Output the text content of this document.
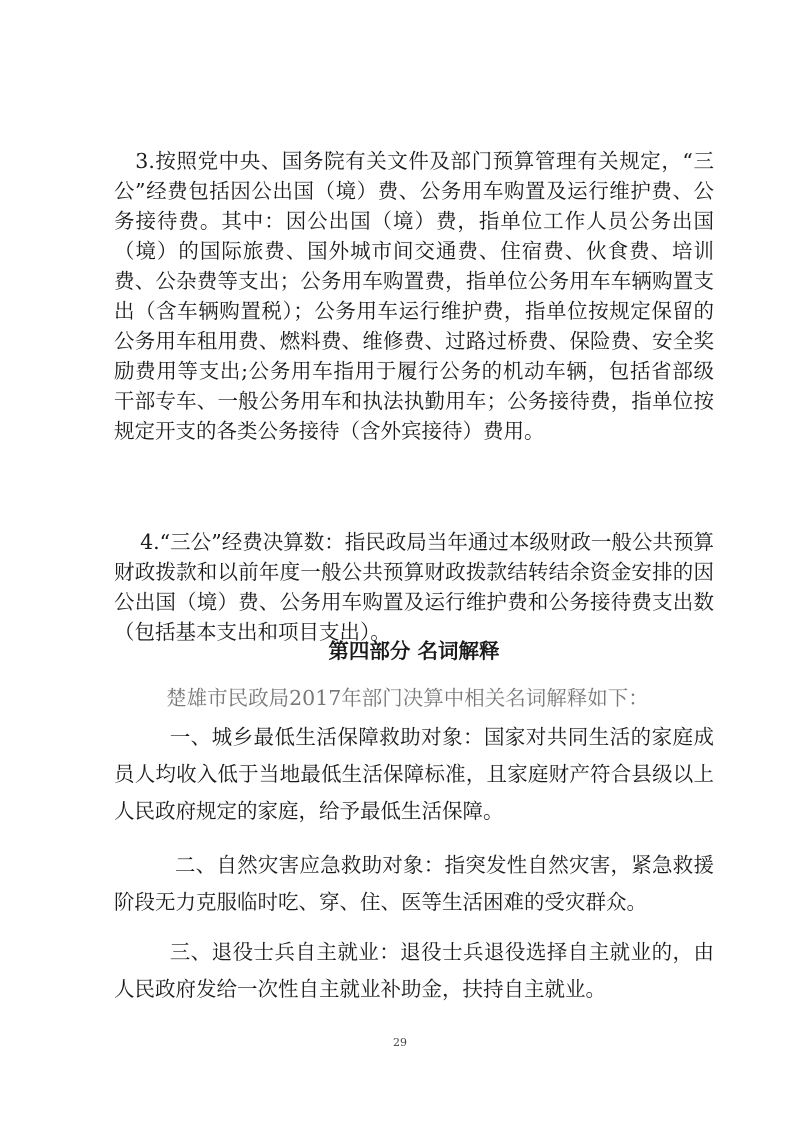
3.按照党中央、国务院有关文件及部门预算管理有关规定，“三公”经费包括因公出国（境）费、公务用车购置及运行维护费、公务接待费。其中：因公出国（境）费，指单位工作人员公务出国（境）的国际旅费、国外城市间交通费、住宿费、伙食费、培训费、公杂费等支出；公务用车购置费，指单位公务用车车辆购置支出（含车辆购置税）；公务用车运行维护费，指单位按规定保留的公务用车租用费、燃料费、维修费、过路过桥费、保险费、安全奖励费用等支出;公务用车指用于履行公务的机动车辆，包括省部级干部专车、一般公务用车和执法执勤用车；公务接待费，指单位按规定开支的各类公务接待（含外宾接待）费用。

4.“三公”经费决算数：指民政局当年通过本级财政一般公共预算财政拨款和以前年度一般公共预算财政拨款结转结余资金安排的因公出国（境）费、公务用车购置及运行维护费和公务接待费支出数（包括基本支出和项目支出）。

第四部分 名词解释

楚雄市民政局2017年部门决算中相关名词解释如下：

一、城乡最低生活保障救助对象：国家对共同生活的家庭成员人均收入低于当地最低生活保障标准，且家庭财产符合县级以上人民政府规定的家庭，给予最低生活保障。

二、自然灾害应急救助对象：指突发性自然灾害，紧急救援阶段无力克服临时吃、穿、住、医等生活困难的受灾群众。

三、退役士兵自主就业：退役士兵退役选择自主就业的，由人民政府发给一次性自主就业补助金，扶持自主就业。

29
